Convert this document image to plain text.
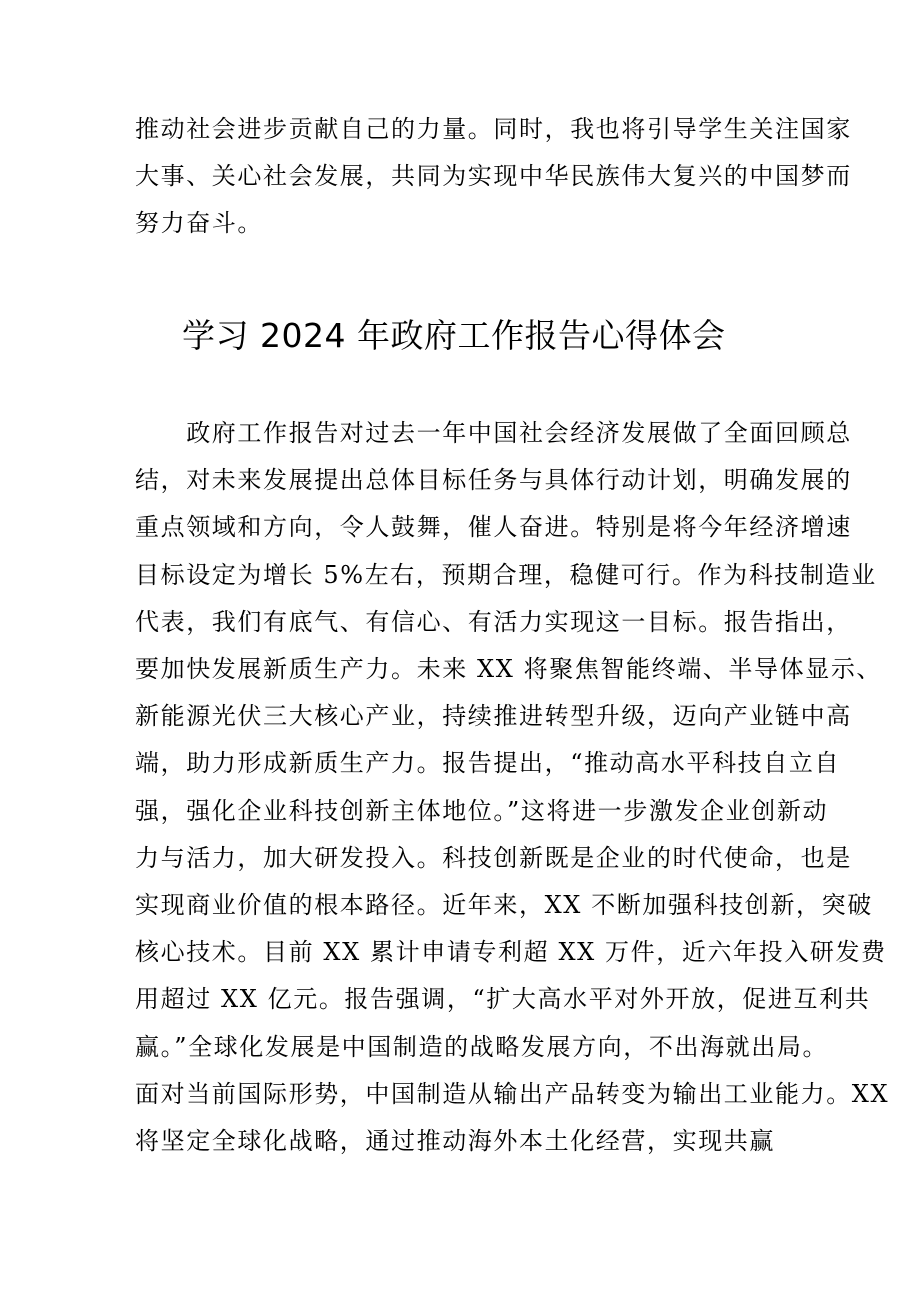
推动社会进步贡献自己的力量。同时，我也将引导学生关注国家
大事、关心社会发展，共同为实现中华民族伟大复兴的中国梦而
努力奋斗。
学习 2024 年政府工作报告心得体会
　　政府工作报告对过去一年中国社会经济发展做了全面回顾总
结，对未来发展提出总体目标任务与具体行动计划，明确发展的
重点领域和方向，令人鼓舞，催人奋进。特别是将今年经济增速
目标设定为增长 5%左右，预期合理，稳健可行。作为科技制造业
代表，我们有底气、有信心、有活力实现这一目标。报告指出，
要加快发展新质生产力。未来 XX 将聚焦智能终端、半导体显示、
新能源光伏三大核心产业，持续推进转型升级，迈向产业链中高
端，助力形成新质生产力。报告提出，“推动高水平科技自立自
强，强化企业科技创新主体地位。”这将进一步激发企业创新动
力与活力，加大研发投入。科技创新既是企业的时代使命，也是
实现商业价值的根本路径。近年来，XX 不断加强科技创新，突破
核心技术。目前 XX 累计申请专利超 XX 万件，近六年投入研发费
用超过 XX 亿元。报告强调，“扩大高水平对外开放，促进互利共
赢。”全球化发展是中国制造的战略发展方向，不出海就出局。
面对当前国际形势，中国制造从输出产品转变为输出工业能力。XX
将坚定全球化战略，通过推动海外本土化经营，实现共赢
